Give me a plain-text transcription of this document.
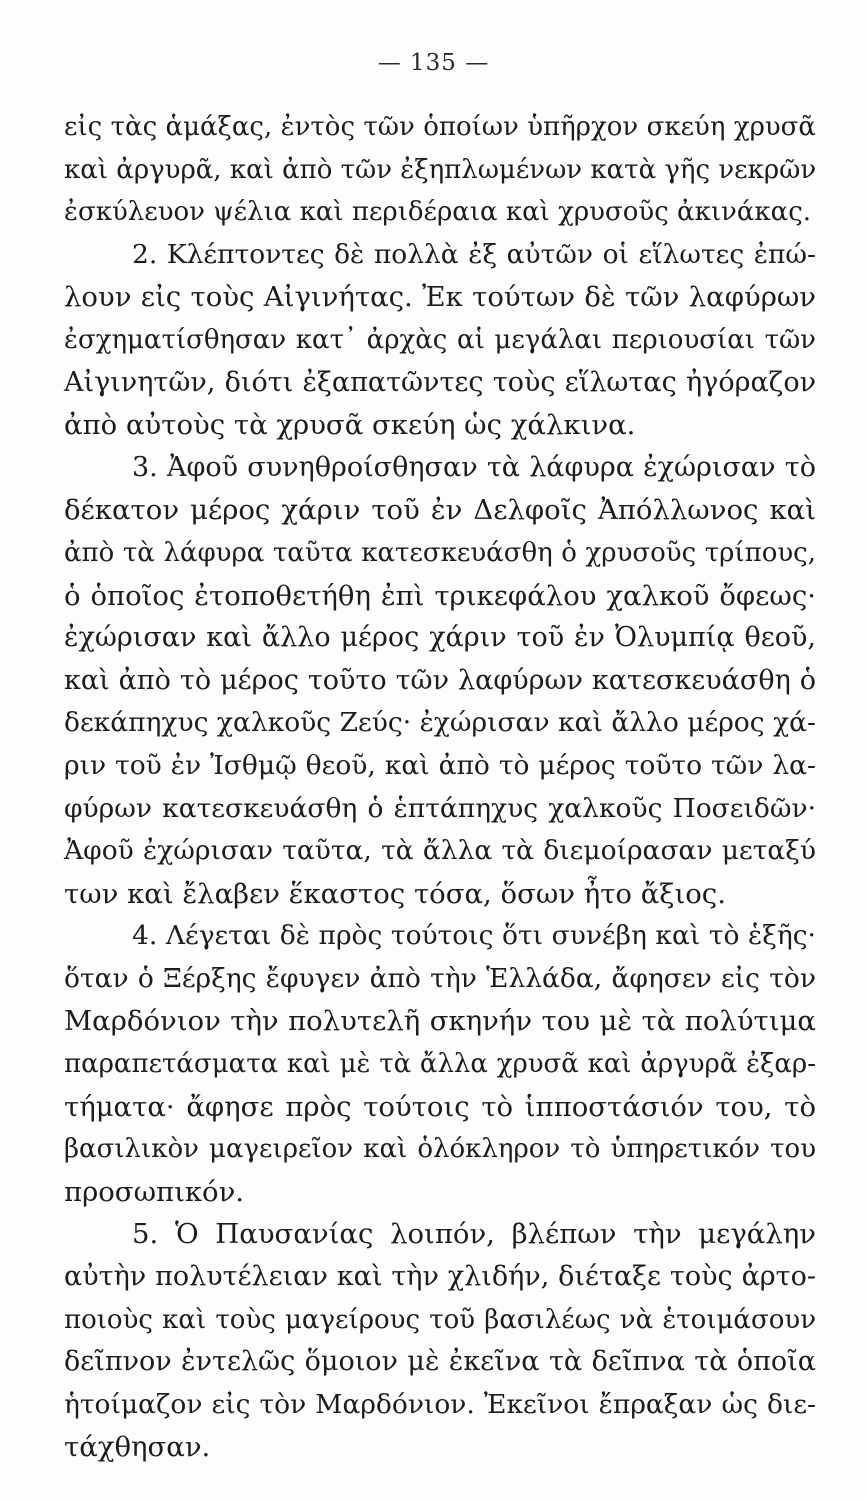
— 135 —
εἰς τὰς ἁμάξας, ἐντὸς τῶν ὁποίων ὑπῆρχον σκεύη χρυσᾶ
καὶ ἀργυρᾶ, καὶ ἀπὸ τῶν ἐξηπλωμένων κατὰ γῆς νεκρῶν
ἐσκύλευον ψέλια καὶ περιδέραια καὶ χρυσοῦς ἀκινάκας.
2. Κλέπτοντες δὲ πολλὰ ἐξ αὐτῶν οἱ εἵλωτες ἐπώ-
λουν εἰς τοὺς Αἰγινήτας. Ἐκ τούτων δὲ τῶν λαφύρων
ἐσχηματίσθησαν κατ᾽ ἀρχὰς αἱ μεγάλαι περιουσίαι τῶν
Αἰγινητῶν, διότι ἐξαπατῶντες τοὺς εἵλωτας ἠγόραζον
ἀπὸ αὐτοὺς τὰ χρυσᾶ σκεύη ὡς χάλκινα.
3. Ἀφοῦ συνηθροίσθησαν τὰ λάφυρα ἐχώρισαν τὸ
δέκατον μέρος χάριν τοῦ ἐν Δελφοῖς Ἀπόλλωνος καὶ
ἀπὸ τὰ λάφυρα ταῦτα κατεσκευάσθη ὁ χρυσοῦς τρίπους,
ὁ ὁποῖος ἐτοποθετήθη ἐπὶ τρικεφάλου χαλκοῦ ὄφεως·
ἐχώρισαν καὶ ἄλλο μέρος χάριν τοῦ ἐν Ὀλυμπίᾳ θεοῦ,
καὶ ἀπὸ τὸ μέρος τοῦτο τῶν λαφύρων κατεσκευάσθη ὁ
δεκάπηχυς χαλκοῦς Ζεύς· ἐχώρισαν καὶ ἄλλο μέρος χά-
ριν τοῦ ἐν Ἰσθμῷ θεοῦ, καὶ ἀπὸ τὸ μέρος τοῦτο τῶν λα-
φύρων κατεσκευάσθη ὁ ἑπτάπηχυς χαλκοῦς Ποσειδῶν·
Ἀφοῦ ἐχώρισαν ταῦτα, τὰ ἄλλα τὰ διεμοίρασαν μεταξύ
των καὶ ἔλαβεν ἕκαστος τόσα, ὅσων ἦτο ἄξιος.
4. Λέγεται δὲ πρὸς τούτοις ὅτι συνέβη καὶ τὸ ἑξῆς·
ὅταν ὁ Ξέρξης ἔφυγεν ἀπὸ τὴν Ἑλλάδα, ἄφησεν εἰς τὸν
Μαρδόνιον τὴν πολυτελῆ σκηνήν του μὲ τὰ πολύτιμα
παραπετάσματα καὶ μὲ τὰ ἄλλα χρυσᾶ καὶ ἀργυρᾶ ἐξαρ-
τήματα· ἄφησε πρὸς τούτοις τὸ ἱπποστάσιόν του, τὸ
βασιλικὸν μαγειρεῖον καὶ ὁλόκληρον τὸ ὑπηρετικόν του
προσωπικόν.
5. Ὁ Παυσανίας λοιπόν, βλέπων τὴν μεγάλην
αὐτὴν πολυτέλειαν καὶ τὴν χλιδήν, διέταξε τοὺς ἀρτο-
ποιοὺς καὶ τοὺς μαγείρους τοῦ βασιλέως νὰ ἑτοιμάσουν
δεῖπνον ἐντελῶς ὅμοιον μὲ ἐκεῖνα τὰ δεῖπνα τὰ ὁποῖα
ἡτοίμαζον εἰς τὸν Μαρδόνιον. Ἐκεῖνοι ἔπραξαν ὡς διε-
τάχθησαν.
